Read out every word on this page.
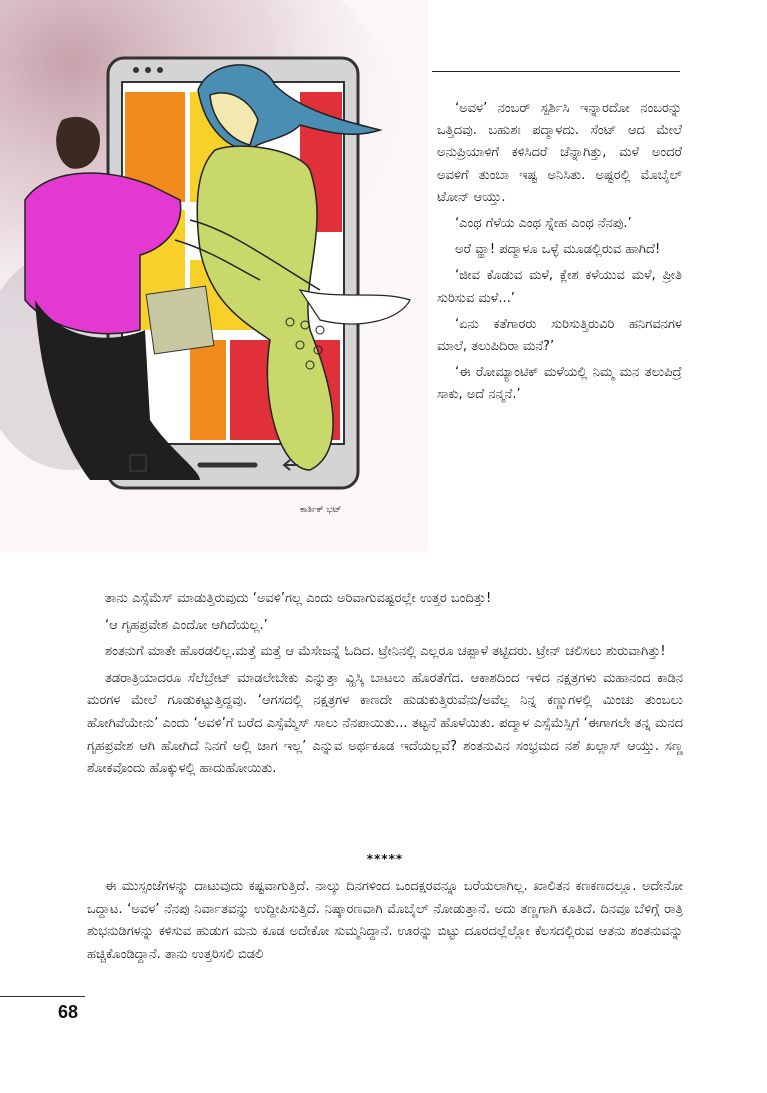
ಕಾರ್ತಿಕ್ ಭಟ್

‘ಅವಳ’ ನಂಬರ್ ಸ್ಪರ್ಶಿಸಿ ಇನ್ನಾರದೋ ನಂಬರನ್ನು ಒತ್ತಿದವು. ಬಹುಶಃ ಪದ್ಮಾಳದು. ಸೆಂಟ್ ಆದ ಮೇಲೆ ಅನುಪ್ರಿಯಾಳಿಗೆ ಕಳಿಸಿದರೆ ಚೆನ್ನಾಗಿತ್ತು, ಮಳೆ ಅಂದರೆ ಅವಳಿಗೆ ತುಂಬಾ ಇಷ್ಟ ಅನಿಸಿತು. ಅಷ್ಟರಲ್ಲಿ ಮೊಬೈಲ್ ಟೋನ್ ಆಯ್ತು.

‘ಎಂಥ ಗೆಳೆಯ ಎಂಥ ಸ್ನೇಹ ಎಂಥ ನೆನಪು.’

ಅರೆ ವ್ಹಾ! ಪದ್ಮಾಳೂ ಒಳ್ಳೆ ಮೂಡಲ್ಲಿರುವ ಹಾಗಿದೆ!

‘ಜೀವ ಕೊಡುವ ಮಳೆ, ಕ್ಲೇಶ ಕಳೆಯುವ ಮಳೆ, ಪ್ರೀತಿ ಸುರಿಸುವ ಮಳೆ...’

‘ಏನು ಕತೆಗಾರರು ಸುರಿಸುತ್ತಿರುವಿರಿ ಹನಿಗವನಗಳ ಮಾಲೆ, ತಲುಪಿದಿರಾ ಮನೆ?’

‘ಈ ರೋಮ್ಯಾಂಟಿಕ್ ಮಳೆಯಲ್ಲಿ ನಿಮ್ಮ ಮನ ತಲುಪಿದ್ರೆ ಸಾಕು, ಅದೆ ನನ್ಮನೆ.’

ತಾನು ಎಸ್ಸೆಮೆಸ್ ಮಾಡುತ್ತಿರುವುದು ‘ಅವಳಿ’ಗಲ್ಲ ಎಂದು ಅರಿವಾಗುವಷ್ಟರಲ್ಲೇ ಉತ್ತರ ಬಂದಿತ್ತು!

‘ಆ ಗೃಹಪ್ರವೇಶ ಎಂದೋ ಆಗಿದೆಯಲ್ಲ.’

ಶಂತನುಗೆ ಮಾತೇ ಹೊರಡಲಿಲ್ಲ.ಮತ್ತೆ ಮತ್ತೆ ಆ ಮೆಸೇಜನ್ನೆ ಓದಿದ. ಟ್ರೇನಿನಲ್ಲಿ ಎಲ್ಲರೂ ಚಪ್ಪಾಳೆ ತಟ್ಟಿದರು. ಟ್ರೇನ್ ಚಲಿಸಲು ಶುರುವಾಗಿತ್ತು!

ತಡರಾತ್ರಿಯಾದರೂ ಸೆಲೆಬ್ರೇಟ್ ಮಾಡಲೇಬೇಕು ಎನ್ನುತ್ತಾ ವ್ಹಿಸ್ಕಿ ಬಾಟಲು ಹೊರತೆಗೆದ. ಆಕಾಶದಿಂದ ಇಳಿದ ನಕ್ಷತ್ರಗಳು ಮಹಾನಂದ ಕಾಡಿನ ಮರಗಳ ಮೇಲೆ ಗೂಡುಕಟ್ಟುತ್ತಿದ್ದವು. ‘ಆಗಸದಲ್ಲಿ ನಕ್ಷತ್ರಗಳ ಕಾಣದೇ ಹುಡುಕುತ್ತಿರುವೆನು/ಅವೆಲ್ಲ ನಿನ್ನ ಕಣ್ಣುಗಳಲ್ಲಿ ಮಿಂಚು ತುಂಬಲು ಹೋಗಿವೆಯೇನು’ ಎಂದು ‘ಅವಳಿ’ಗೆ ಬರೆದ ಎಸ್ಸೆಮ್ಮೆಸ್ ಸಾಲು ನೆನಪಾಯಿತು... ತಟ್ಟನೆ ಹೊಳೆಯಿತು. ಪದ್ಮಾಳ ಎಸ್ಸೆಮೆಸ್ಸಿಗೆ ‘ಈಗಾಗಲೇ ತನ್ನ ಮನದ ಗೃಹಪ್ರವೇಶ ಆಗಿ ಹೋಗಿದೆ ನಿನಗೆ ಅಲ್ಲಿ ಜಾಗ ಇಲ್ಲ’ ಎನ್ನುವ ಅರ್ಥಕೂಡ ಇದೆಯಲ್ಲವೆ? ಶಂತನುವಿನ ಸಂಭ್ರಮದ ನಶೆ ಖಲ್ಲಾಸ್ ಆಯ್ತು. ಸಣ್ಣ ಶೋಕವೊಂದು ಹೊಕ್ಕುಳಲ್ಲಿ ಹಾದುಹೋಯಿತು.

*****

ಈ ಮುಸ್ಸಂಜೆಗಳನ್ನು ದಾಟುವುದು ಕಷ್ಟವಾಗುತ್ತಿದೆ. ನಾಲ್ಕು ದಿನಗಳಿಂದ ಒಂದಕ್ಷರವನ್ನೂ ಬರೆಯಲಾಗಿಲ್ಲ. ಖಾಲಿತನ ಕಣಕಣದಲ್ಲೂ. ಅದೇನೋ ಒದ್ದಾಟ. ‘ಅವಳ’ ನೆನಪು ನಿರ್ವಾತವನ್ನು ಉದ್ದೀಪಿಸುತ್ತಿದೆ. ನಿಷ್ಕಾರಣವಾಗಿ ಮೊಬೈಲ್ ನೋಡುತ್ತಾನೆ. ಅದು ತಣ್ಣಗಾಗಿ ಕೂತಿದೆ. ದಿನವೂ ಬೆಳಿಗ್ಗೆ ರಾತ್ರಿ ಶುಭನುಡಿಗಳನ್ನು ಕಳಿಸುವ ಹುಡುಗ ಮನು ಕೂಡ ಅದೇಕೋ ಸುಮ್ಮನಿದ್ದಾನೆ. ಊರನ್ನು ಬಿಟ್ಟು ದೂರದಲ್ಲೆಲ್ಲೋ ಕೆಲಸದಲ್ಲಿರುವ ಆತನು ಶಂತನುವನ್ನು ಹಚ್ಚಿಕೊಂಡಿದ್ದಾನೆ. ತಾನು ಉತ್ತರಿಸಲಿ ಬಿಡಲಿ

68
